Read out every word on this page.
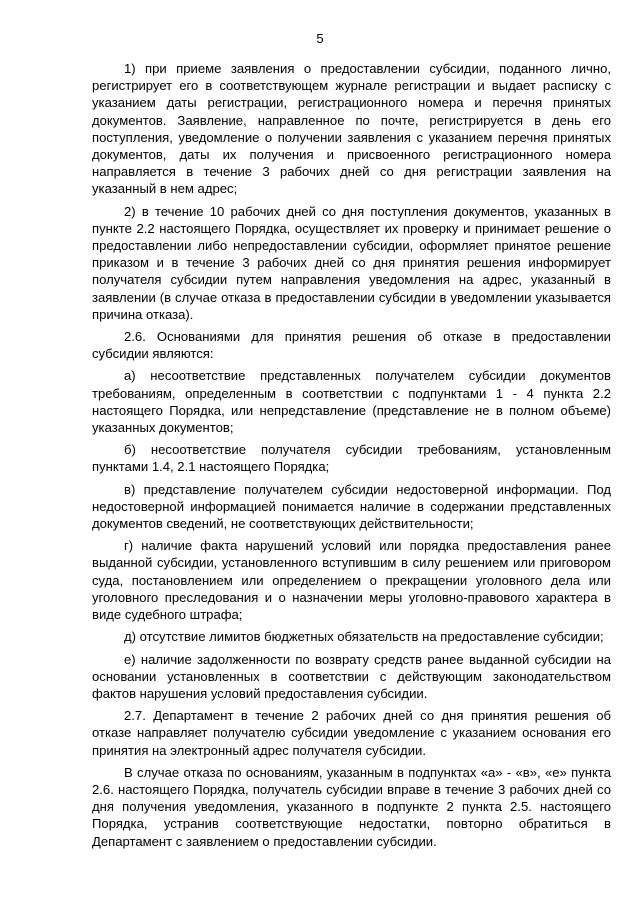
5

1) при приеме заявления о предоставлении субсидии, поданного лично, регистрирует его в соответствующем журнале регистрации и выдает расписку с указанием даты регистрации, регистрационного номера и перечня принятых документов. Заявление, направленное по почте, регистрируется в день его поступления, уведомление о получении заявления с указанием перечня принятых документов, даты их получения и присвоенного регистрационного номера направляется в течение 3 рабочих дней со дня регистрации заявления на указанный в нем адрес;

2) в течение 10 рабочих дней со дня поступления документов, указанных в пункте 2.2 настоящего Порядка, осуществляет их проверку и принимает решение о предоставлении либо непредоставлении субсидии, оформляет принятое решение приказом и в течение 3 рабочих дней со дня принятия решения информирует получателя субсидии путем направления уведомления на адрес, указанный в заявлении (в случае отказа в предоставлении субсидии в уведомлении указывается причина отказа).

2.6. Основаниями для принятия решения об отказе в предоставлении субсидии являются:

а) несоответствие представленных получателем субсидии документов требованиям, определенным в соответствии с подпунктами 1 - 4 пункта 2.2 настоящего Порядка, или непредставление (представление не в полном объеме) указанных документов;

б) несоответствие получателя субсидии требованиям, установленным пунктами 1.4, 2.1 настоящего Порядка;

в) представление получателем субсидии недостоверной информации. Под недостоверной информацией понимается наличие в содержании представленных документов сведений, не соответствующих действительности;

г) наличие факта нарушений условий или порядка предоставления ранее выданной субсидии, установленного вступившим в силу решением или приговором суда, постановлением или определением о прекращении уголовного дела или уголовного преследования и о назначении меры уголовно-правового характера в виде судебного штрафа;

д) отсутствие лимитов бюджетных обязательств на предоставление субсидии;

е) наличие задолженности по возврату средств ранее выданной субсидии на основании установленных в соответствии с действующим законодательством фактов нарушения условий предоставления субсидии.

2.7. Департамент в течение 2 рабочих дней со дня принятия решения об отказе направляет получателю субсидии уведомление с указанием основания его принятия на электронный адрес получателя субсидии.

В случае отказа по основаниям, указанным в подпунктах «а» - «в», «е» пункта 2.6. настоящего Порядка, получатель субсидии вправе в течение 3 рабочих дней со дня получения уведомления, указанного в подпункте 2 пункта 2.5. настоящего Порядка, устранив соответствующие недостатки, повторно обратиться в Департамент с заявлением о предоставлении субсидии.
